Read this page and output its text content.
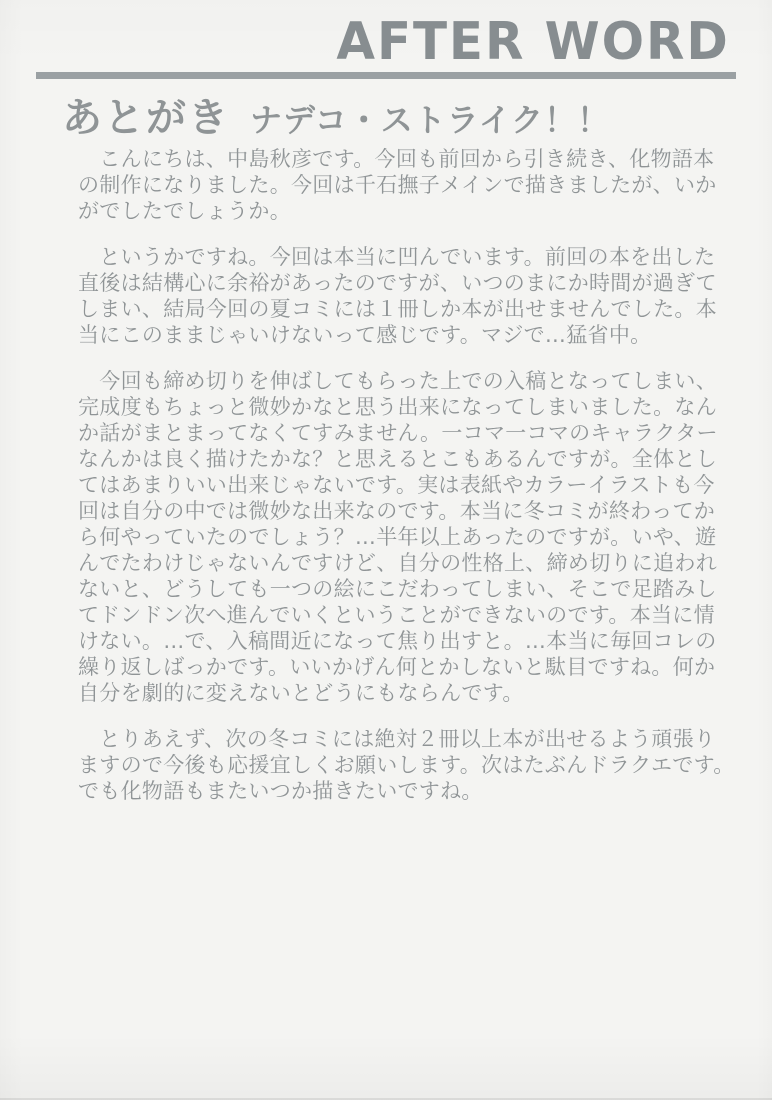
AFTER WORD
あとがき ナデコ・ストライク！！
　こんにちは、中島秋彦です。今回も前回から引き続き、化物語本
の制作になりました。今回は千石撫子メインで描きましたが、いか
がでしたでしょうか。
　というかですね。今回は本当に凹んでいます。前回の本を出した
直後は結構心に余裕があったのですが、いつのまにか時間が過ぎて
しまい、結局今回の夏コミには１冊しか本が出せませんでした。本
当にこのままじゃいけないって感じです。マジで…猛省中。
　今回も締め切りを伸ばしてもらった上での入稿となってしまい、
完成度もちょっと微妙かなと思う出来になってしまいました。なん
か話がまとまってなくてすみません。一コマ一コマのキャラクター
なんかは良く描けたかな？と思えるとこもあるんですが。全体とし
てはあまりいい出来じゃないです。実は表紙やカラーイラストも今
回は自分の中では微妙な出来なのです。本当に冬コミが終わってか
ら何やっていたのでしょう？…半年以上あったのですが。いや、遊
んでたわけじゃないんですけど、自分の性格上、締め切りに追われ
ないと、どうしても一つの絵にこだわってしまい、そこで足踏みし
てドンドン次へ進んでいくということができないのです。本当に情
けない。…で、入稿間近になって焦り出すと。…本当に毎回コレの
繰り返しばっかです。いいかげん何とかしないと駄目ですね。何か
自分を劇的に変えないとどうにもならんです。
　とりあえず、次の冬コミには絶対２冊以上本が出せるよう頑張り
ますので今後も応援宜しくお願いします。次はたぶんドラクエです。
でも化物語もまたいつか描きたいですね。
